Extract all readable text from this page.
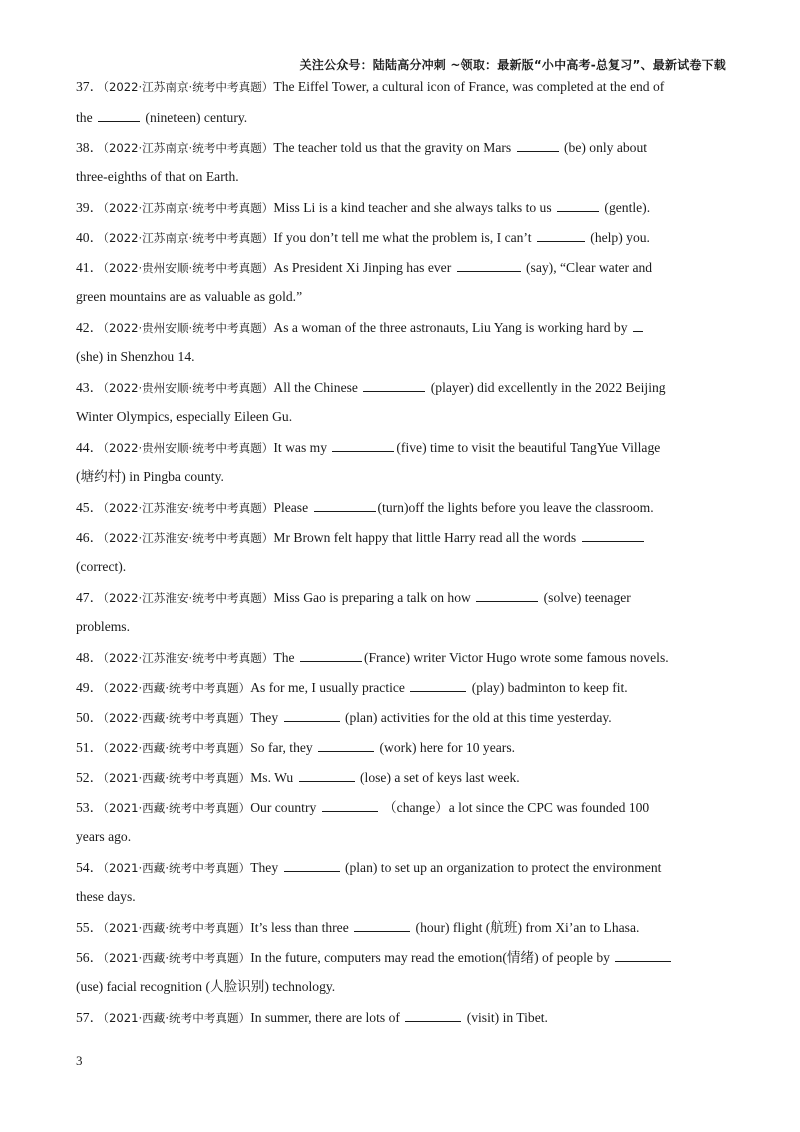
关注公众号：陆陆高分冲刺 ~领取：最新版“小中高考-总复习”、最新试卷下载
37．（2022·江苏南京·统考中考真题）The Eiffel Tower, a cultural icon of France, was completed at the end of
the	(nineteen) century.
38．（2022·江苏南京·统考中考真题）The teacher told us that the gravity on Mars	(be) only about
three-eighths of that on Earth.
39．（2022·江苏南京·统考中考真题）Miss Li is a kind teacher and she always talks to us	(gentle).
40．（2022·江苏南京·统考中考真题）If you don’t tell me what the problem is, I can’t	(help) you.
41．（2022·贵州安顺·统考中考真题）As President Xi Jinping has ever	(say), “Clear water and
green mountains are as valuable as gold.”
42．（2022·贵州安顺·统考中考真题）As a woman of the three astronauts, Liu Yang is working hard by
(she) in Shenzhou 14.
43．（2022·贵州安顺·统考中考真题）All the Chinese	(player) did excellently in the 2022 Beijing
Winter Olympics, especially Eileen Gu.
44．（2022·贵州安顺·统考中考真题）It was my	(five) time to visit the beautiful TangYue Village
(塘约村) in Pingba county.
45．（2022·江苏淮安·统考中考真题）Please	(turn)off the lights before you leave the classroom.
46．（2022·江苏淮安·统考中考真题）Mr Brown felt happy that little Harry read all the words
(correct).
47．（2022·江苏淮安·统考中考真题）Miss Gao is preparing a talk on how	(solve) teenager
problems.
48．（2022·江苏淮安·统考中考真题）The	(France) writer Victor Hugo wrote some famous novels.
49．（2022·西藏·统考中考真题）As for me, I usually practice	(play) badminton to keep fit.
50．（2022·西藏·统考中考真题）They	(plan) activities for the old at this time yesterday.
51．（2022·西藏·统考中考真题）So far, they	(work) here for 10 years.
52．（2021·西藏·统考中考真题）Ms. Wu	(lose) a set of keys last week.
53．（2021·西藏·统考中考真题）Our country	（change）a lot since the CPC was founded 100
years ago.
54．（2021·西藏·统考中考真题）They	(plan) to set up an organization to protect the environment
these days.
55．（2021·西藏·统考中考真题）It’s less than three	(hour) flight (航班) from Xi’an to Lhasa.
56．（2021·西藏·统考中考真题）In the future, computers may read the emotion(情绪) of people by
(use) facial recognition (人脸识别) technology.
57．（2021·西藏·统考中考真题）In summer, there are lots of	(visit) in Tibet.
3
